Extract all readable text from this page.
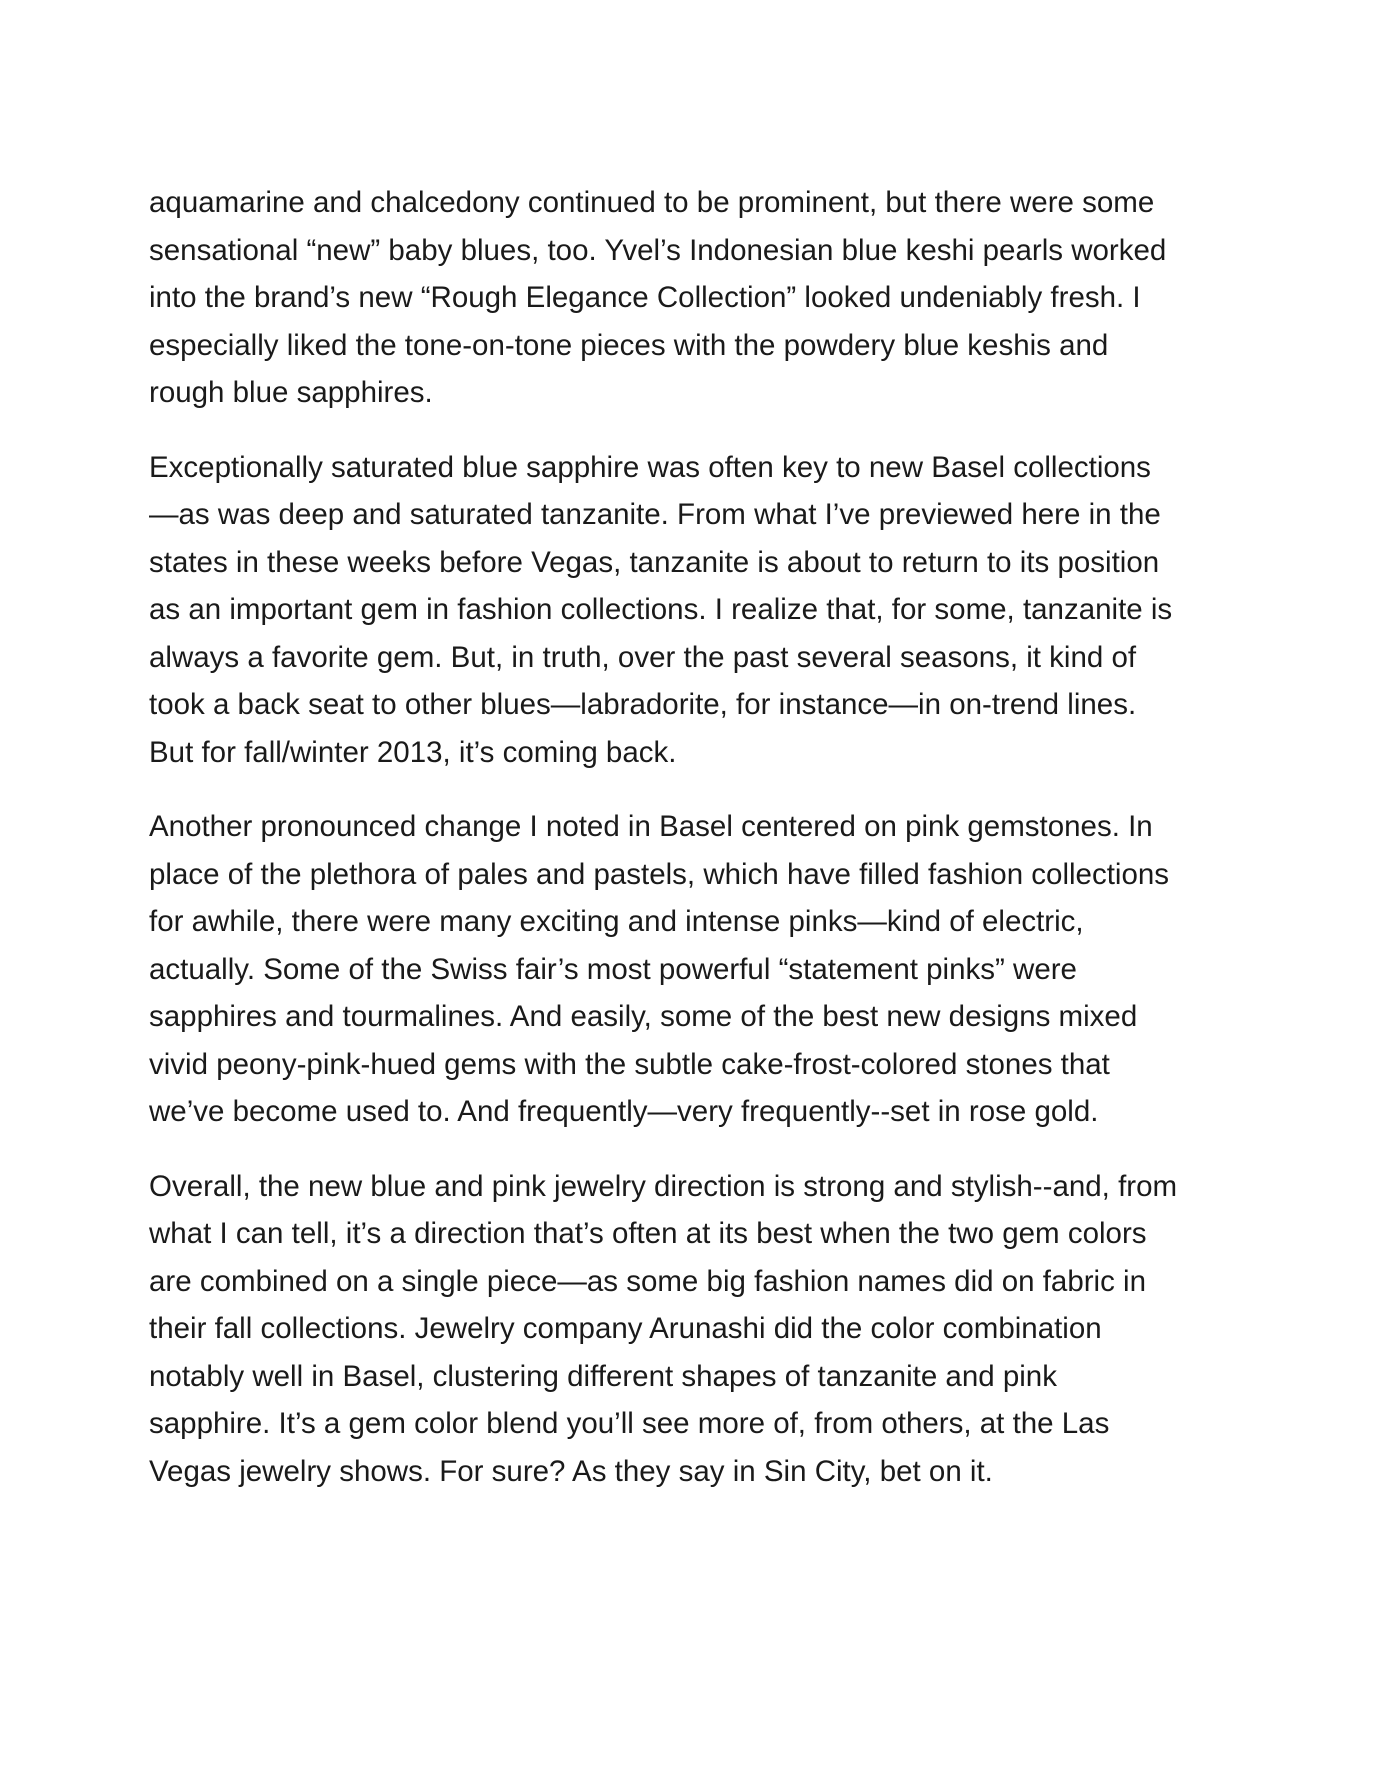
aquamarine and chalcedony continued to be prominent, but there were some
sensational “new” baby blues, too. Yvel’s Indonesian blue keshi pearls worked
into the brand’s new “Rough Elegance Collection” looked undeniably fresh. I
especially liked the tone-on-tone pieces with the powdery blue keshis and
rough blue sapphires.

Exceptionally saturated blue sapphire was often key to new Basel collections
—as was deep and saturated tanzanite. From what I’ve previewed here in the
states in these weeks before Vegas, tanzanite is about to return to its position
as an important gem in fashion collections. I realize that, for some, tanzanite is
always a favorite gem. But, in truth, over the past several seasons, it kind of
took a back seat to other blues—labradorite, for instance—in on-trend lines.
But for fall/winter 2013, it’s coming back.

Another pronounced change I noted in Basel centered on pink gemstones. In
place of the plethora of pales and pastels, which have filled fashion collections
for awhile, there were many exciting and intense pinks—kind of electric,
actually. Some of the Swiss fair’s most powerful “statement pinks” were
sapphires and tourmalines. And easily, some of the best new designs mixed
vivid peony-pink-hued gems with the subtle cake-frost-colored stones that
we’ve become used to. And frequently—very frequently--set in rose gold.

Overall, the new blue and pink jewelry direction is strong and stylish--and, from
what I can tell, it’s a direction that’s often at its best when the two gem colors
are combined on a single piece—as some big fashion names did on fabric in
their fall collections. Jewelry company Arunashi did the color combination
notably well in Basel, clustering different shapes of tanzanite and pink
sapphire. It’s a gem color blend you’ll see more of, from others, at the Las
Vegas jewelry shows. For sure? As they say in Sin City, bet on it.
